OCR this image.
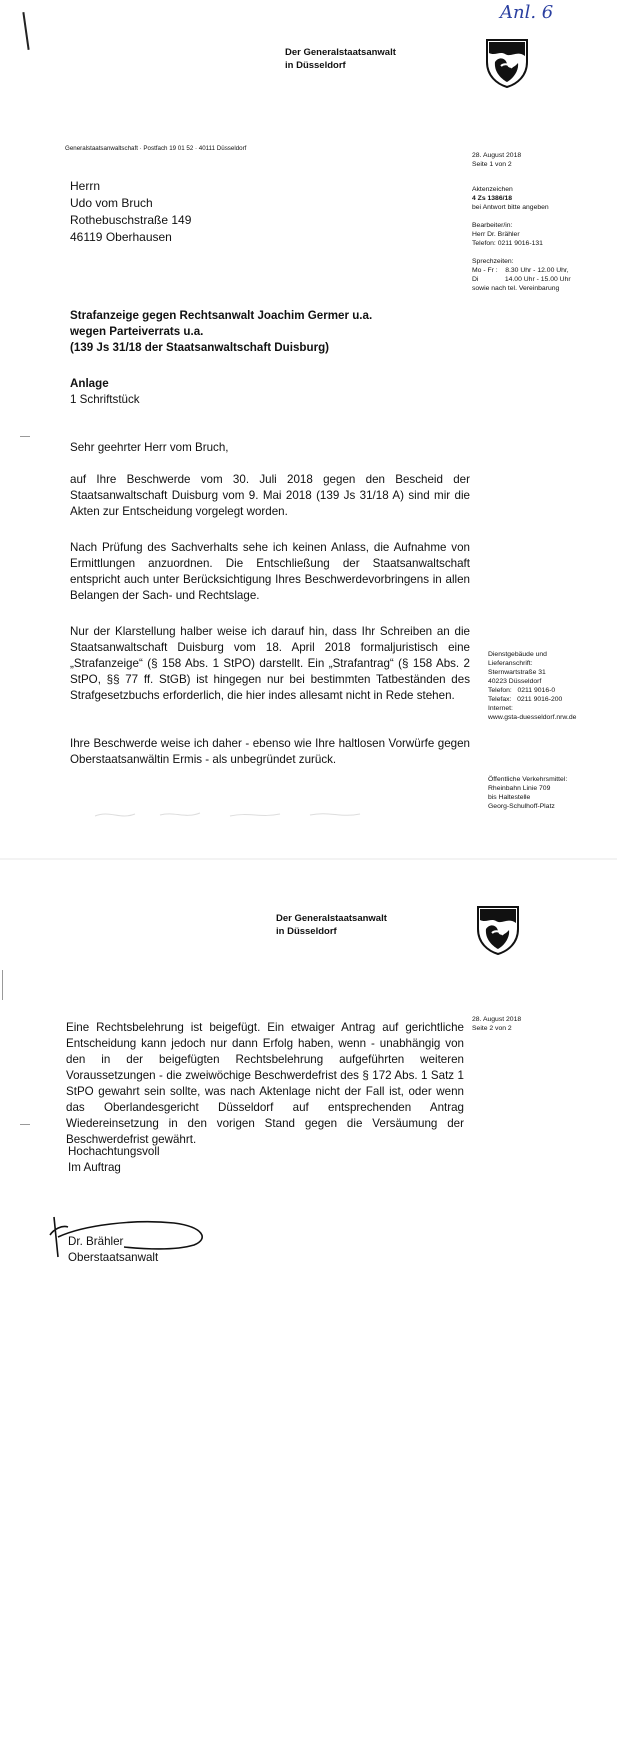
Anl. 6
Der Generalstaatsanwalt
in Düsseldorf
Generalstaatsanwaltschaft · Postfach 19 01 52 · 40111 Düsseldorf
Herrn
Udo vom Bruch
Rothebuschstraße 149
46119 Oberhausen
28. August 2018
Seite 1 von 2
Aktenzeichen
4 Zs 1386/18
bei Antwort bitte angeben
Bearbeiter/in:
Herr Dr. Brähler
Telefon: 0211 9016-131
Sprechzeiten:
Mo - Fr :    8.30 Uhr - 12.00 Uhr,
Di              14.00 Uhr - 15.00 Uhr
sowie nach tel. Vereinbarung
Strafanzeige gegen Rechtsanwalt Joachim Germer u.a.
wegen Parteiverrats u.a.
(139 Js 31/18 der Staatsanwaltschaft Duisburg)
Anlage
1 Schriftstück
Sehr geehrter Herr vom Bruch,
auf Ihre Beschwerde vom 30. Juli 2018 gegen den Bescheid der Staatsanwaltschaft Duisburg vom 9. Mai 2018 (139 Js 31/18 A) sind mir die Akten zur Entscheidung vorgelegt worden.
Nach Prüfung des Sachverhalts sehe ich keinen Anlass, die Aufnahme von Ermittlungen anzuordnen. Die Entschließung der Staatsanwaltschaft entspricht auch unter Berücksichtigung Ihres Beschwerdevorbringens in allen Belangen der Sach- und Rechtslage.
Nur der Klarstellung halber weise ich darauf hin, dass Ihr Schreiben an die Staatsanwaltschaft Duisburg vom 18. April 2018 formaljuristisch eine „Strafanzeige“ (§ 158 Abs. 1 StPO) darstellt. Ein „Strafantrag“ (§ 158 Abs. 2 StPO, §§ 77 ff. StGB) ist hingegen nur bei bestimmten Tatbeständen des Strafgesetzbuchs erforderlich, die hier indes allesamt nicht in Rede stehen.
Ihre Beschwerde weise ich daher - ebenso wie Ihre haltlosen Vorwürfe gegen Oberstaatsanwältin Ermis - als unbegründet zurück.
Dienstgebäude und
Lieferanschrift:
Sternwartstraße 31
40223 Düsseldorf
Telefon:   0211 9016-0
Telefax:   0211 9016-200
Internet:
www.gsta-duesseldorf.nrw.de
Öffentliche Verkehrsmittel:
Rheinbahn Linie 709
bis Haltestelle
Georg-Schulhoff-Platz
Der Generalstaatsanwalt
in Düsseldorf
28. August 2018
Seite 2 von 2
Eine Rechtsbelehrung ist beigefügt. Ein etwaiger Antrag auf gerichtliche Entscheidung kann jedoch nur dann Erfolg haben, wenn - unabhängig von den in der beigefügten Rechtsbelehrung aufgeführten weiteren Voraussetzungen - die zweiwöchige Beschwerdefrist des § 172 Abs. 1 Satz 1 StPO gewahrt sein sollte, was nach Aktenlage nicht der Fall ist, oder wenn das Oberlandesgericht Düsseldorf auf entsprechenden Antrag Wiedereinsetzung in den vorigen Stand gegen die Versäumung der Beschwerdefrist gewährt.
Hochachtungsvoll
Im Auftrag
Dr. Brähler
Oberstaatsanwalt
